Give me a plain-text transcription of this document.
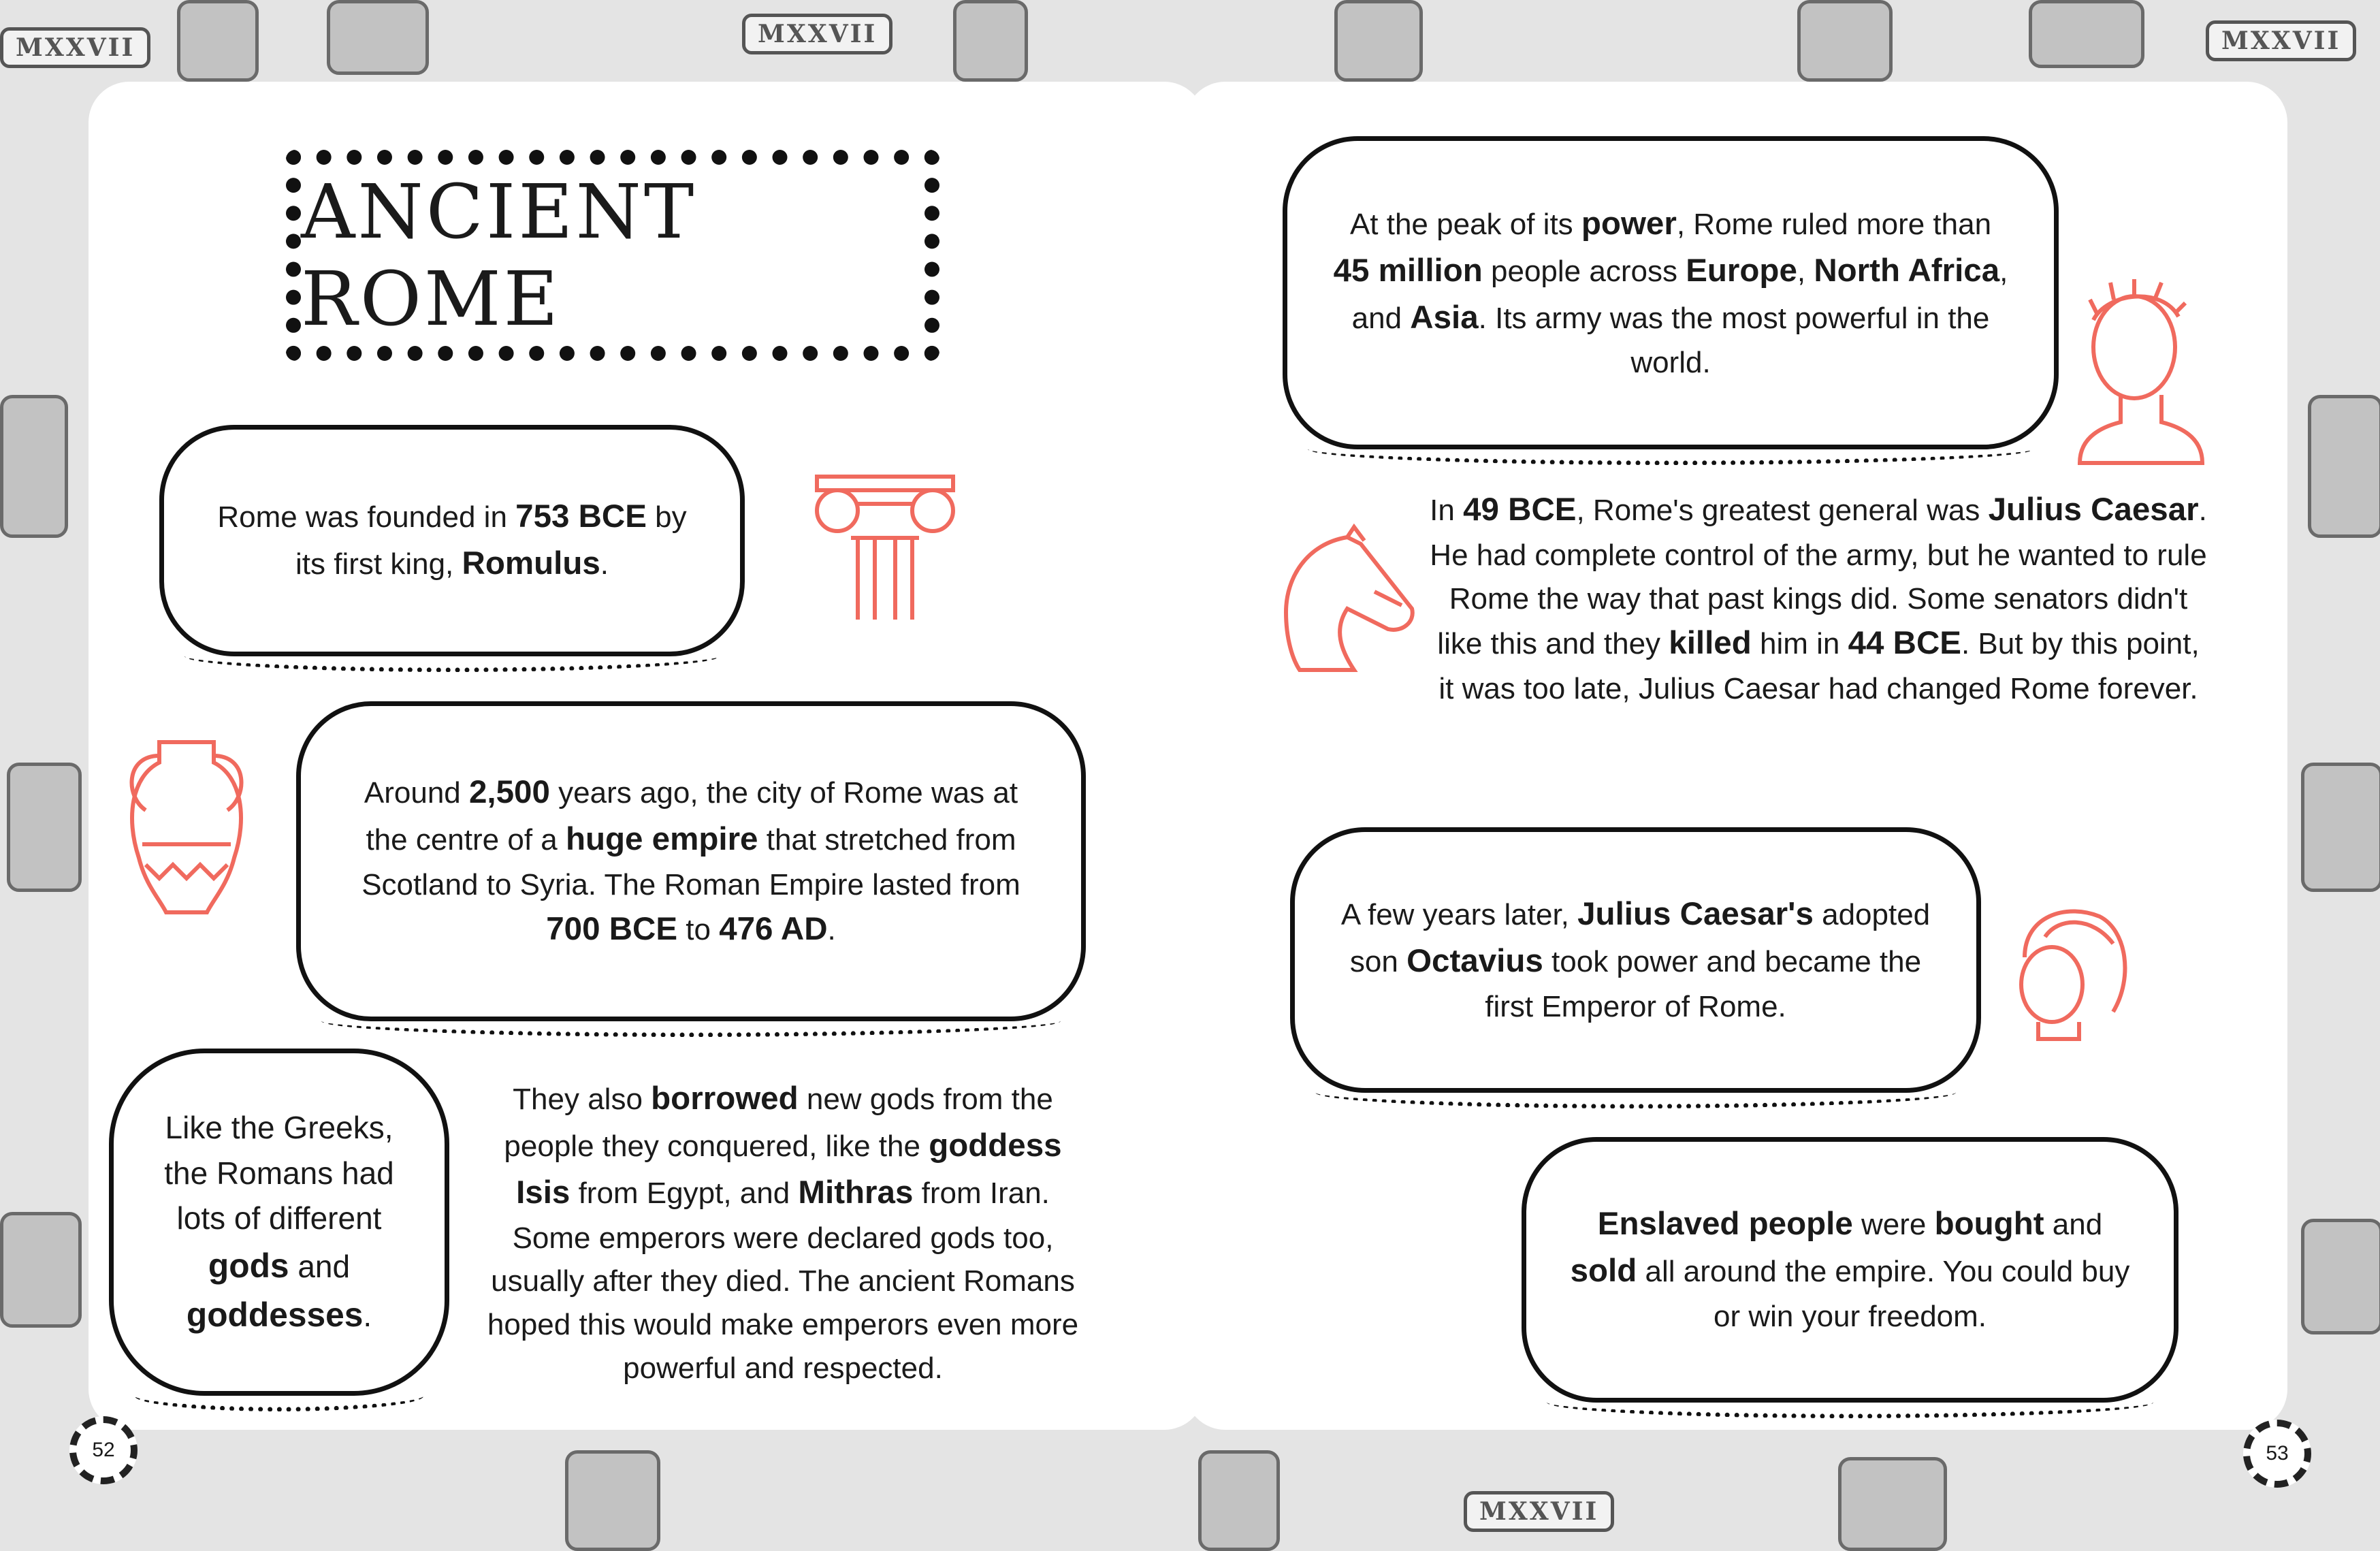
MXXVII	MXXVII	MXXVII
MXXVII
ANCIENT ROME
Rome was founded in 753 BCE by its first king, Romulus.
Around 2,500 years ago, the city of Rome was at the centre of a huge empire that stretched from Scotland to Syria. The Roman Empire lasted from 700 BCE to 476 AD.
Like the Greeks, the Romans had lots of different gods and goddesses.
They also borrowed new gods from the people they conquered, like the goddess Isis from Egypt, and Mithras from Iran. Some emperors were declared gods too, usually after they died. The ancient Romans hoped this would make emperors even more powerful and respected.
52
At the peak of its power, Rome ruled more than 45 million people across Europe, North Africa, and Asia. Its army was the most powerful in the world.
In 49 BCE, Rome's greatest general was Julius Caesar. He had complete control of the army, but he wanted to rule Rome the way that past kings did. Some senators didn't like this and they killed him in 44 BCE. But by this point, it was too late, Julius Caesar had changed Rome forever.
A few years later, Julius Caesar's adopted son Octavius took power and became the first Emperor of Rome.
Enslaved people were bought and sold all around the empire. You could buy or win your freedom.
53
